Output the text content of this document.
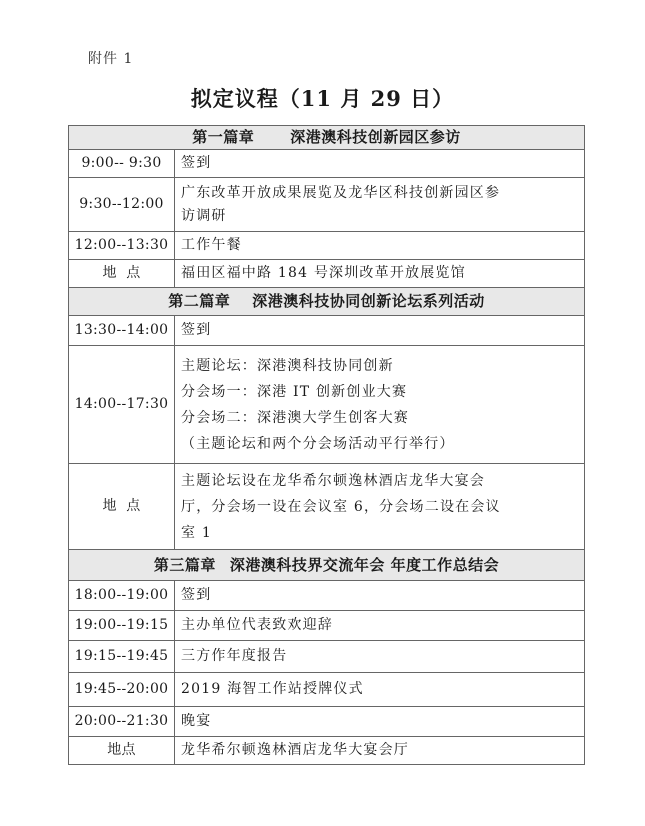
附件 1
拟定议程（11 月 29 日）
第一篇章 深港澳科技创新园区参访	
9:00-- 9:30	签到

9:30--12:00	广东改革开放成果展览及龙华区科技创新园区参
访调研

12:00--13:30	工作午餐

地  点	福田区福中路 184 号深圳改革开放展览馆

第二篇章 深港澳科技协同创新论坛系列活动	
13:30--14:00	签到

14:00--17:30	主题论坛：深港澳科技协同创新
分会场一：深港 IT 创新创业大赛
分会场二：深港澳大学生创客大赛
（主题论坛和两个分会场活动平行举行）

地  点	主题论坛设在龙华希尔顿逸林酒店龙华大宴会
厅，分会场一设在会议室 6，分会场二设在会议
室 1

第三篇章 深港澳科技界交流年会 年度工作总结会	
18:00--19:00	签到

19:00--19:15	主办单位代表致欢迎辞

19:15--19:45	三方作年度报告

19:45--20:00	2019 海智工作站授牌仪式

20:00--21:30	晚宴

地点	龙华希尔顿逸林酒店龙华大宴会厅
